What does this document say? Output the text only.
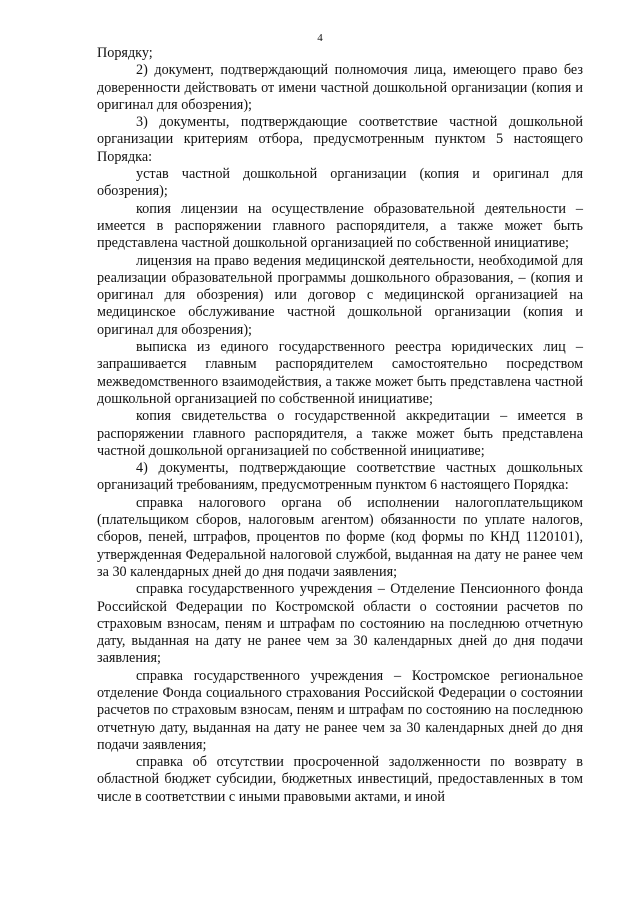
4

Порядку;

2) документ, подтверждающий полномочия лица, имеющего право без доверенности действовать от имени частной дошкольной организации (копия и оригинал для обозрения);

3) документы, подтверждающие соответствие частной дошкольной организации критериям отбора, предусмотренным пунктом 5 настоящего Порядка:

устав частной дошкольной организации (копия и оригинал для обозрения);

копия лицензии на осуществление образовательной деятельности – имеется в распоряжении главного распорядителя, а также может быть представлена частной дошкольной организацией по собственной инициативе;

лицензия на право ведения медицинской деятельности, необходимой для реализации образовательной программы дошкольного образования, – (копия и оригинал для обозрения) или договор с медицинской организацией на медицинское обслуживание частной дошкольной организации (копия и оригинал для обозрения);

выписка из единого государственного реестра юридических лиц – запрашивается главным распорядителем самостоятельно посредством межведомственного взаимодействия, а также может быть представлена частной дошкольной организацией по собственной инициативе;

копия свидетельства о государственной аккредитации – имеется в распоряжении главного распорядителя, а также может быть представлена частной дошкольной организацией по собственной инициативе;

4) документы, подтверждающие соответствие частных дошкольных организаций требованиям, предусмотренным пунктом 6 настоящего Порядка:

справка налогового органа об исполнении налогоплательщиком (плательщиком сборов, налоговым агентом) обязанности по уплате налогов, сборов, пеней, штрафов, процентов по форме (код формы по КНД 1120101), утвержденная Федеральной налоговой службой, выданная на дату не ранее чем за 30 календарных дней до дня подачи заявления;

справка государственного учреждения – Отделение Пенсионного фонда Российской Федерации по Костромской области о состоянии расчетов по страховым взносам, пеням и штрафам по состоянию на последнюю отчетную дату, выданная на дату не ранее чем за 30 календарных дней до дня подачи заявления;

справка государственного учреждения – Костромское региональное отделение Фонда социального страхования Российской Федерации о состоянии расчетов по страховым взносам, пеням и штрафам по состоянию на последнюю отчетную дату, выданная на дату не ранее чем за 30 календарных дней до дня подачи заявления;

справка об отсутствии просроченной задолженности по возврату в областной бюджет субсидии, бюджетных инвестиций, предоставленных в том числе в соответствии с иными правовыми актами, и иной
